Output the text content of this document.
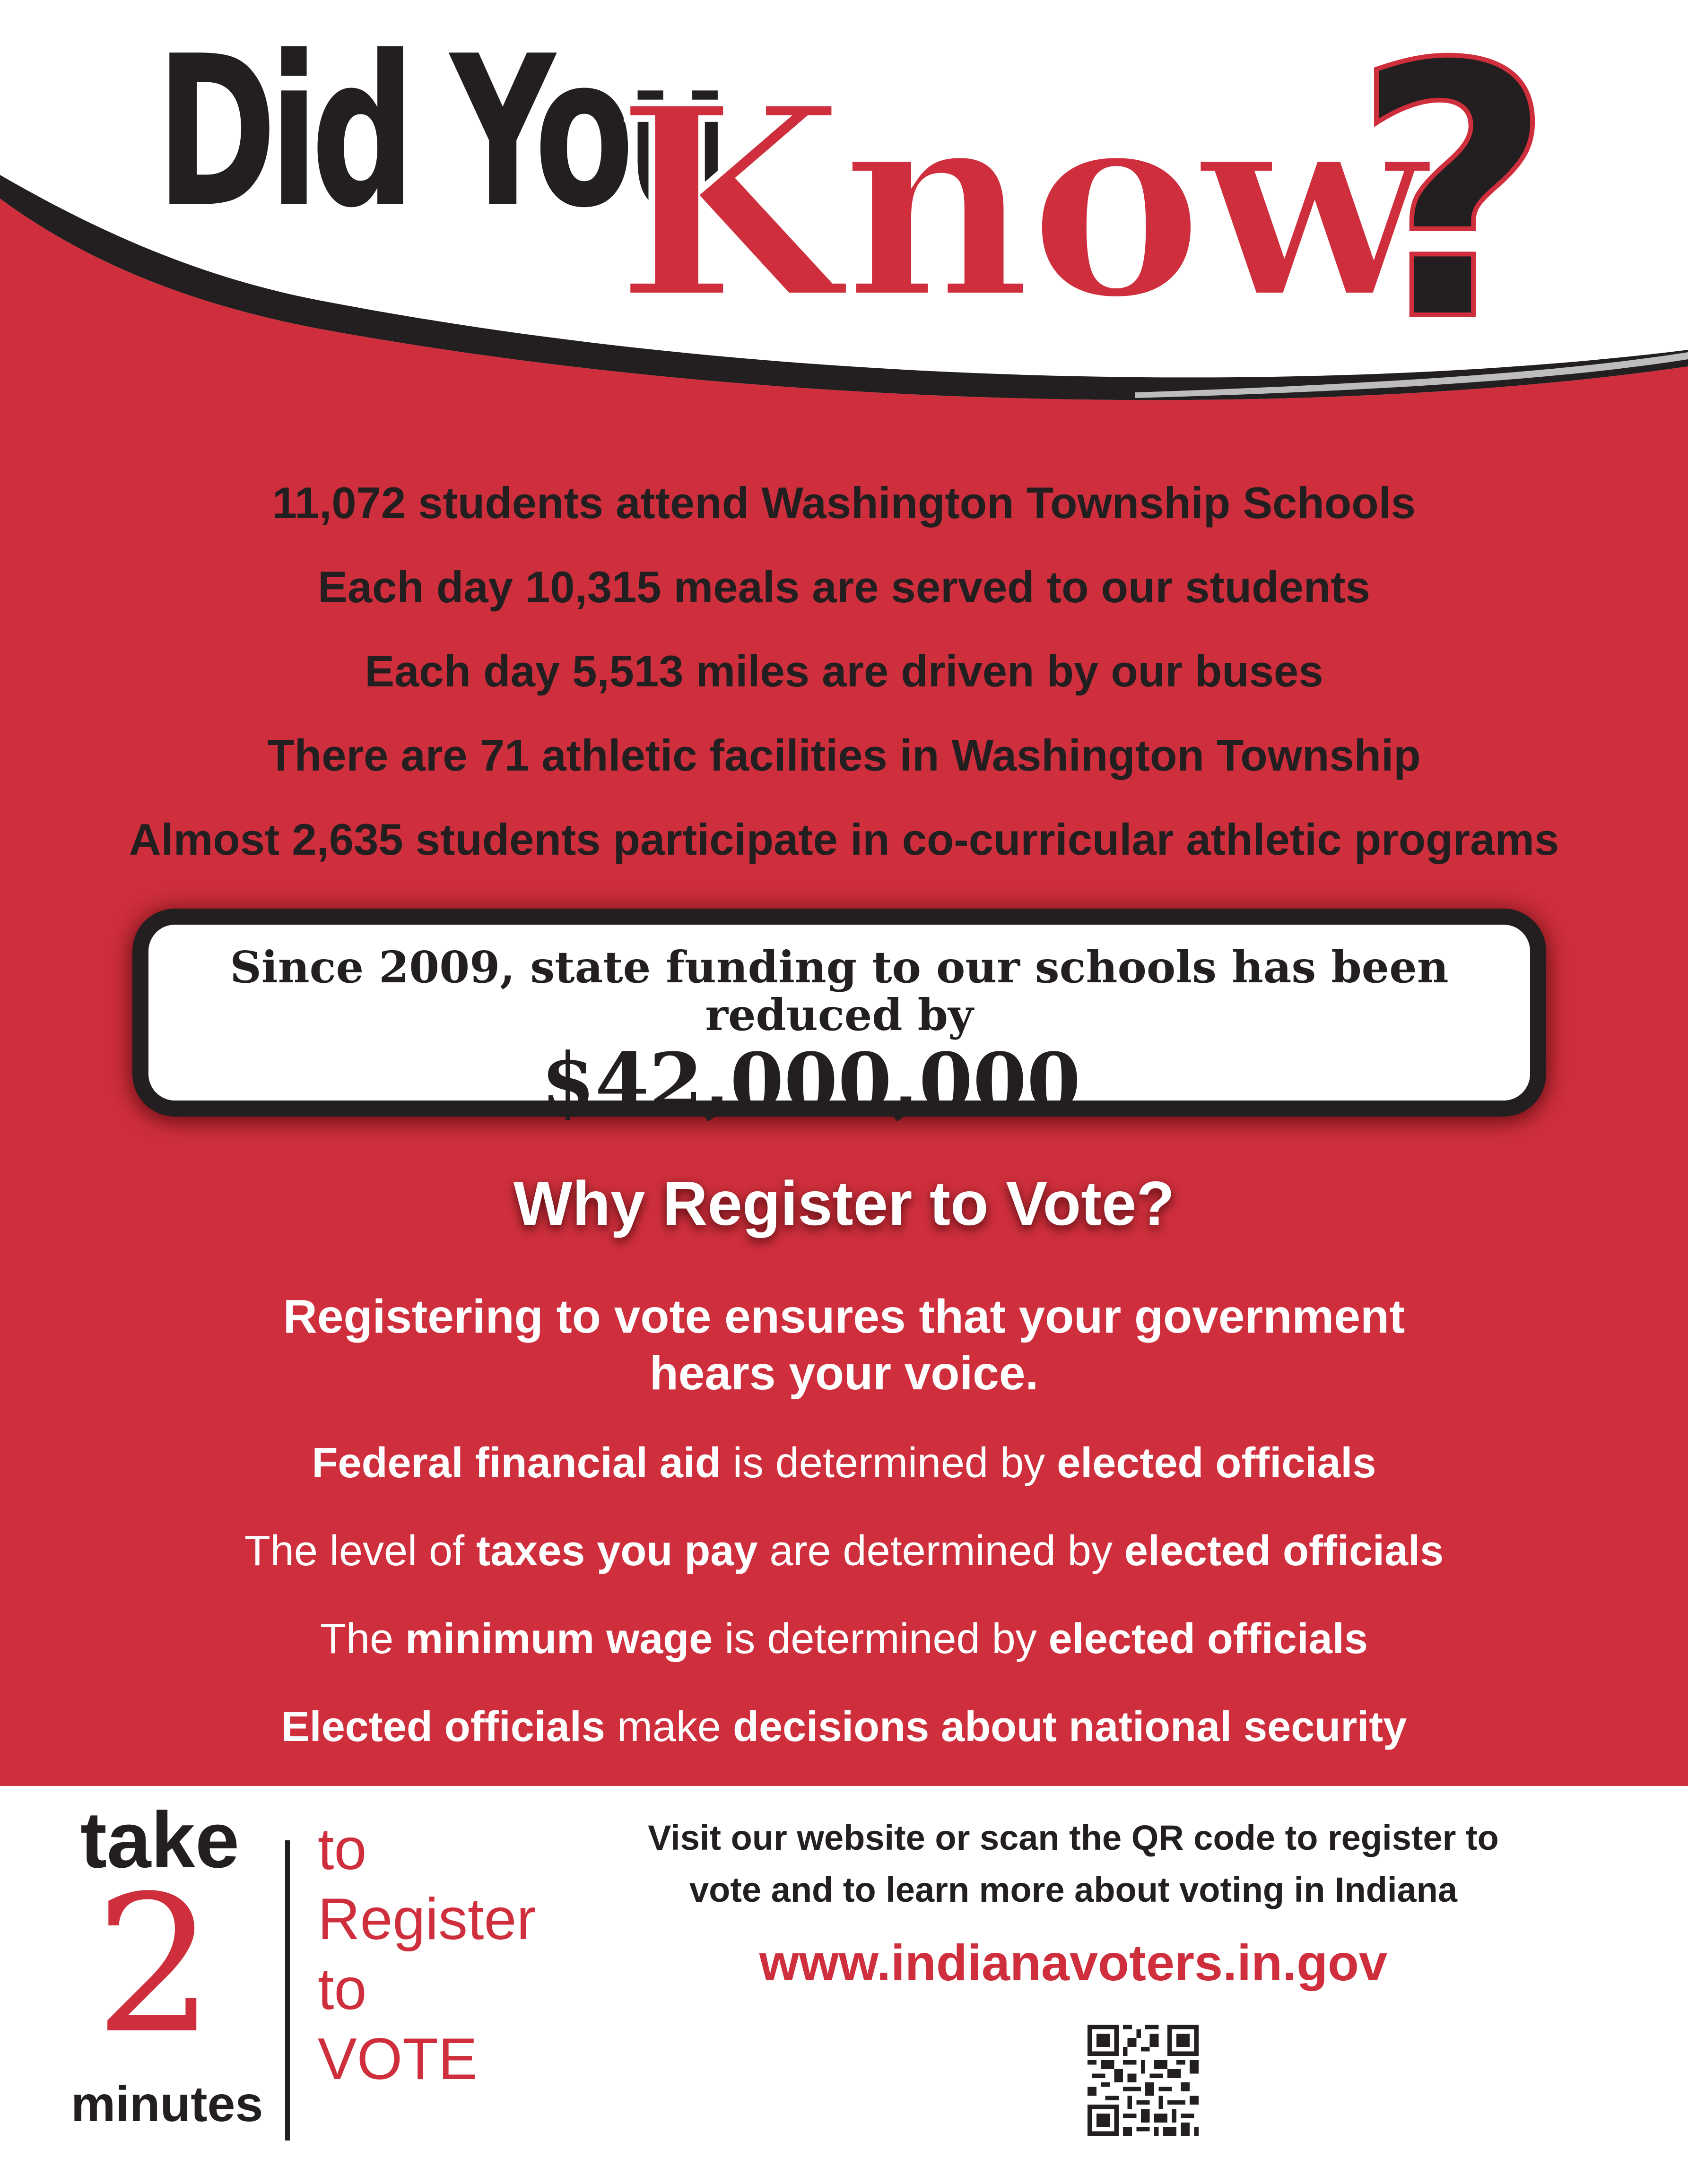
Did You
Know
?
11,072 students attend Washington Township Schools
Each day 10,315 meals are served to our students
Each day 5,513 miles are driven by our buses
There are 71 athletic facilities in Washington Township
Almost 2,635 students participate in co-curricular athletic programs
Since 2009, state funding to our schools has been reduced by
$42,000,000
Why Register to Vote?
Registering to vote ensures that your government
hears your voice.
Federal financial aid is determined by elected officials
The level of taxes you pay are determined by elected officials
The minimum wage is determined by elected officials
Elected officials make decisions about national security
take
2
minutes
to
Register
to
VOTE
Visit our website or scan the QR code to register to
vote and to learn more about voting in Indiana
www.indianavoters.in.gov
